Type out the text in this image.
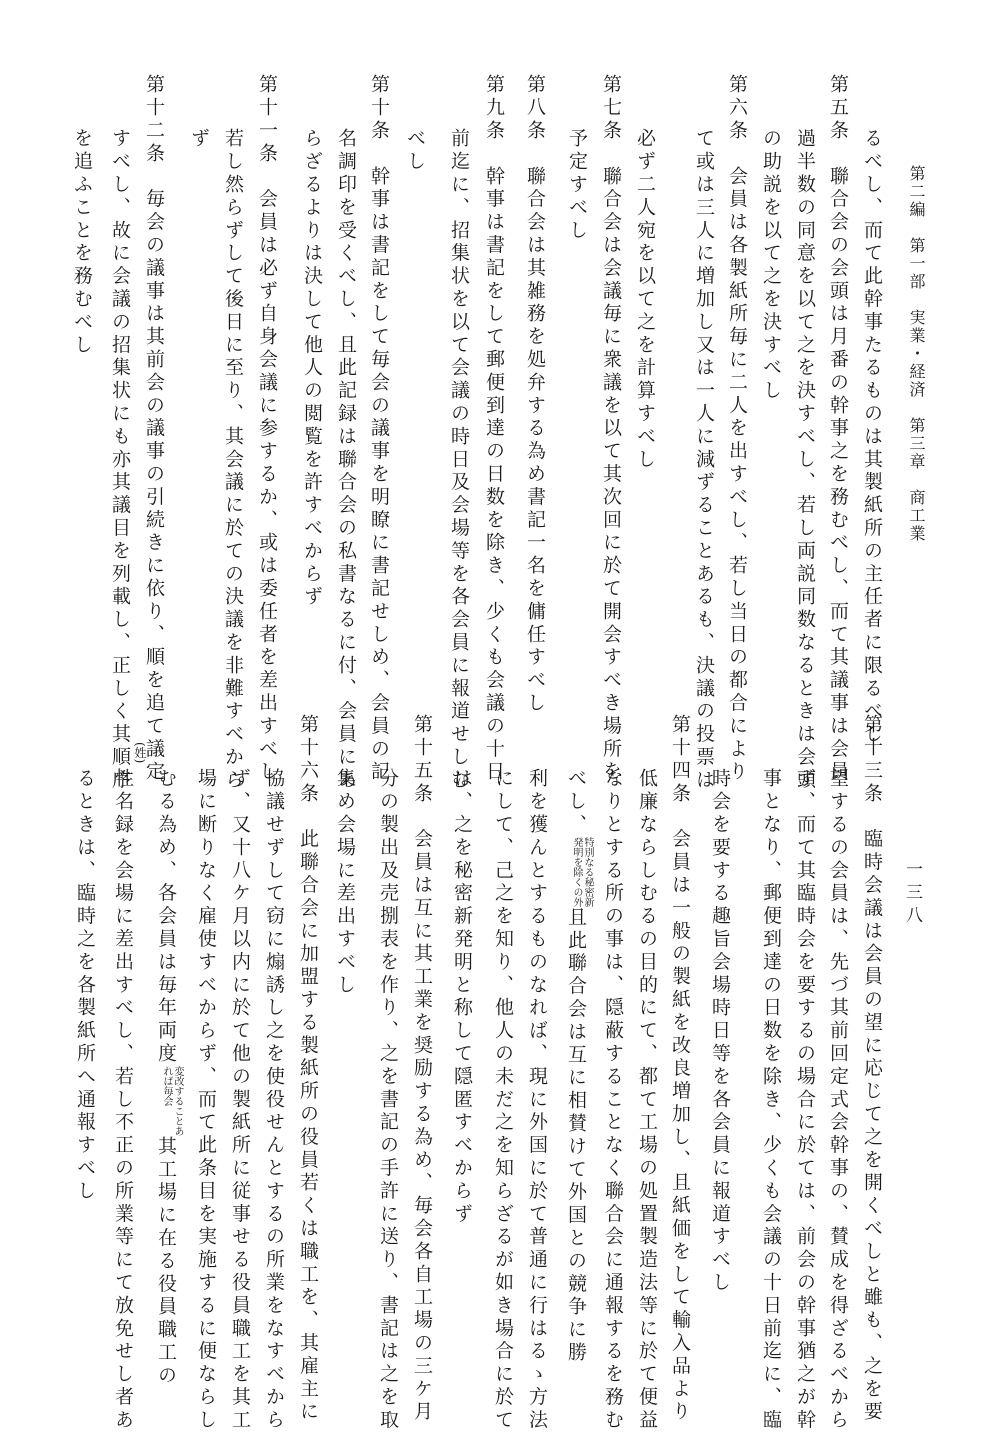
第二編　第一部　実業・経済　第三章　商工業
一三八
るべし、而て此幹事たるものは其製紙所の主任者に限るべし
第五条　聯合会の会頭は月番の幹事之を務むべし、而て其議事は会員
過半数の同意を以て之を決すべし、若し両説同数なるときは会頭
の助説を以て之を決すべし
第六条　会員は各製紙所毎に二人を出すべし、若し当日の都合により
て或は三人に増加し又は一人に減ずることあるも、決議の投票は
必ず二人宛を以て之を計算すべし
第七条　聯合会は会議毎に衆議を以て其次回に於て開会すべき場所を
予定すべし
第八条　聯合会は其雑務を処弁する為め書記一名を傭任すべし
第九条　幹事は書記をして郵便到達の日数を除き、少くも会議の十日
前迄に、招集状を以て会議の時日及会場等を各会員に報道せしむ
べし
第十条　幹事は書記をして毎会の議事を明瞭に書記せしめ、会員の記
名調印を受くべし、且此記録は聯合会の私書なるに付、会員にあ
らざるよりは決して他人の閲覧を許すべからず
第十一条　会員は必ず自身会議に参するか、或は委任者を差出すべし
若し然らずして後日に至り、其会議に於ての決議を非難すべから
ず
第十二条　毎会の議事は其前会の議事の引続きに依り、順を追て議定
すべし、故に会議の招集状にも亦其議目を列載し、正しく其順序
を追ふことを務むべし
第十三条　臨時会議は会員の望に応じて之を開くべしと雖も、之を要
望するの会員は、先づ其前回定式会幹事の、賛成を得ざるべから
ず、而て其臨時会を要するの場合に於ては、前会の幹事猶之が幹
事となり、郵便到達の日数を除き、少くも会議の十日前迄に、臨
時会を要する趣旨会場時日等を各会員に報道すべし
第十四条　会員は一般の製紙を改良増加し、且紙価をして輸入品より
低廉ならしむるの目的にて、都て工場の処置製造法等に於て便益
なりとする所の事は、隠蔽することなく聯合会に通報するを務む
べし、
特別なる秘密新
発明を除くの外
且此聯合会は互に相賛けて外国との競争に勝
利を獲んとするものなれば、現に外国に於て普通に行はるゝ方法
にして、己之を知り、他人の未だ之を知らざるが如き場合に於て
は、之を秘密新発明と称して隠匿すべからず
第十五条　会員は互に其工業を奨励する為め、毎会各自工場の三ケ月
分の製出及売捌表を作り、之を書記の手許に送り、書記は之を取
集め会場に差出すべし
第十六条　此聯合会に加盟する製紙所の役員若くは職工を、其雇主に
協議せずして窃に煽誘し之を使役せんとするの所業をなすべから
ず、又十八ケ月以内に於て他の製紙所に従事せる役員職工を其工
場に断りなく雇使すべからず、而て此条目を実施するに便ならし
むる為め、各会員は毎年両度
変改することあ
れば毎会
其工場に在る役員職工の
(姓)
性名録を会場に差出すべし、若し不正の所業等にて放免せし者あ
るときは、臨時之を各製紙所へ通報すべし
